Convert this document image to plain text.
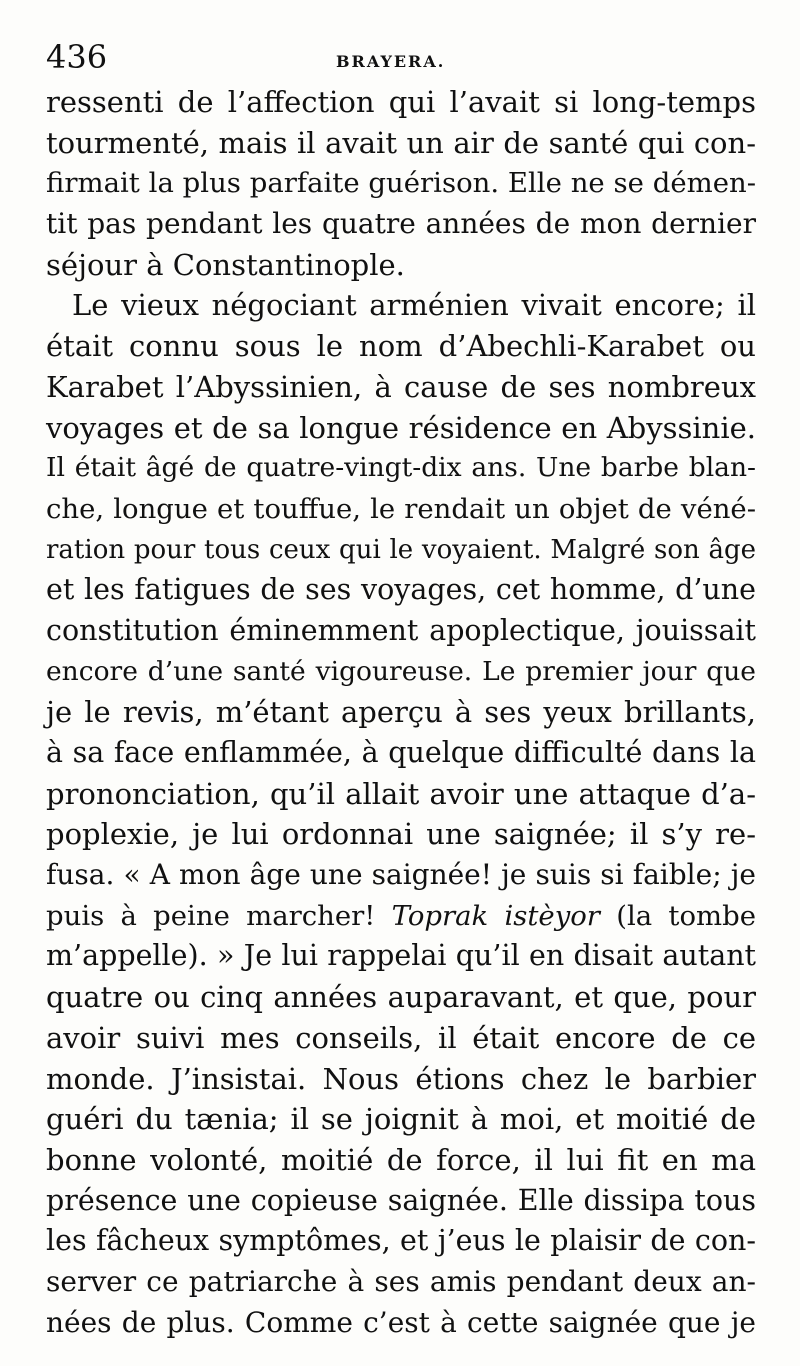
436	BRAYERA.
ressenti de l’affection qui l’avait si long-temps
tourmenté, mais il avait un air de santé qui con-
firmait la plus parfaite guérison. Elle ne se démen-
tit pas pendant les quatre années de mon dernier
séjour à Constantinople.
Le vieux négociant arménien vivait encore; il
était connu sous le nom d’Abechli-Karabet ou
Karabet l’Abyssinien, à cause de ses nombreux
voyages et de sa longue résidence en Abyssinie.
Il était âgé de quatre-vingt-dix ans. Une barbe blan-
che, longue et touffue, le rendait un objet de véné-
ration pour tous ceux qui le voyaient. Malgré son âge
et les fatigues de ses voyages, cet homme, d’une
constitution éminemment apoplectique, jouissait
encore d’une santé vigoureuse. Le premier jour que
je le revis, m’étant aperçu à ses yeux brillants,
à sa face enflammée, à quelque difficulté dans la
prononciation, qu’il allait avoir une attaque d’a-
poplexie, je lui ordonnai une saignée; il s’y re-
fusa. « A mon âge une saignée! je suis si faible; je
puis à peine marcher! Toprak istèyor (la tombe
m’appelle). » Je lui rappelai qu’il en disait autant
quatre ou cinq années auparavant, et que, pour
avoir suivi mes conseils, il était encore de ce
monde. J’insistai. Nous étions chez le barbier
guéri du tænia; il se joignit à moi, et moitié de
bonne volonté, moitié de force, il lui fit en ma
présence une copieuse saignée. Elle dissipa tous
les fâcheux symptômes, et j’eus le plaisir de con-
server ce patriarche à ses amis pendant deux an-
nées de plus. Comme c’est à cette saignée que je
